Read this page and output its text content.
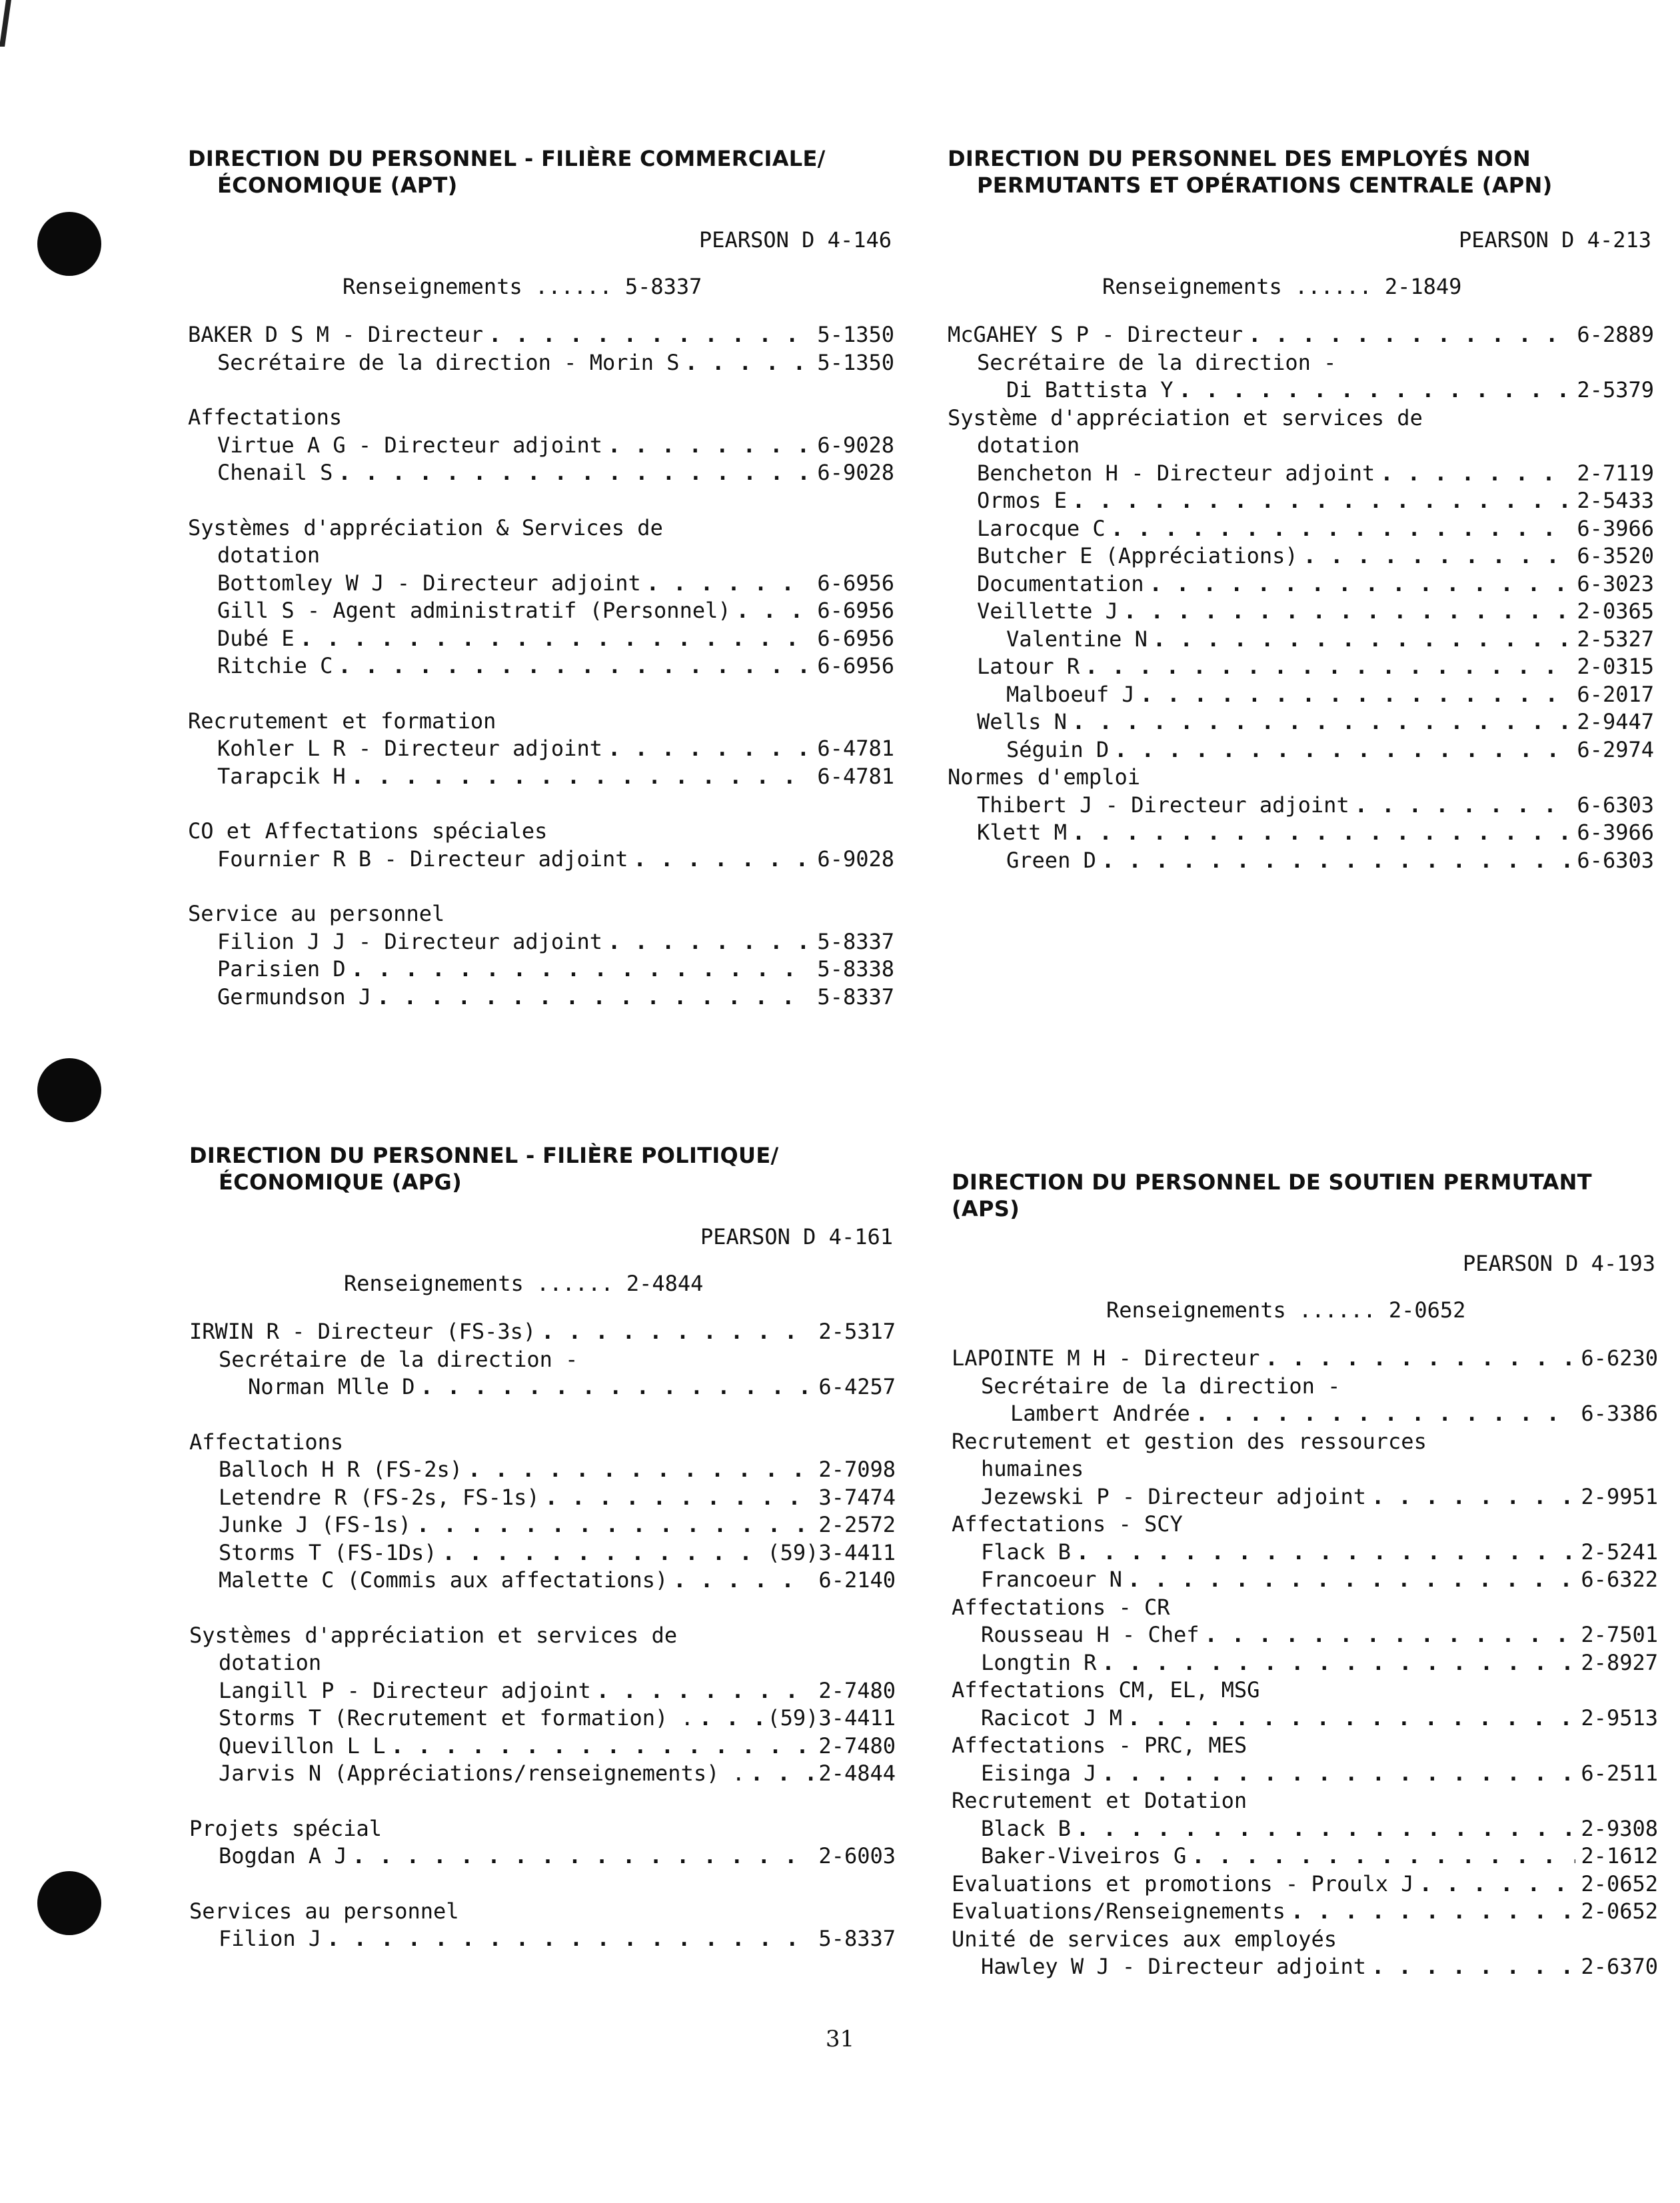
DIRECTION DU PERSONNEL - FILIÈRE COMMERCIALE/

ÉCONOMIQUE (APT)
PEARSON D 4-146
Renseignements ...... 5-8337
BAKER D S M - Directeur . . .	5-1350
Secrétaire de la direction - Morin S . . .	5-1350
Affectations
Virtue A G - Directeur adjoint . . .	6-9028
Chenail S . . .	6-9028
Systèmes d'appréciation & Services de
dotation
Bottomley W J - Directeur adjoint . . .	6-6956
Gill S - Agent administratif (Personnel) . . .	6-6956
Dubé E . . .	6-6956
Ritchie C . . .	6-6956
Recrutement et formation
Kohler L R - Directeur adjoint . . .	6-4781
Tarapcik H . . .	6-4781
CO et Affectations spéciales
Fournier R B - Directeur adjoint . . .	6-9028
Service au personnel
Filion J J - Directeur adjoint . . .	5-8337
Parisien D . . .	5-8338
Germundson J . . .	5-8337
DIRECTION DU PERSONNEL DES EMPLOYÉS NON

PERMUTANTS ET OPÉRATIONS CENTRALE (APN)
PEARSON D 4-213
Renseignements ...... 2-1849
McGAHEY S P - Directeur . . .	6-2889
Secrétaire de la direction -
Di Battista Y . . .	2-5379
Système d'appréciation et services de
dotation
Bencheton H - Directeur adjoint . . .	2-7119
Ormos E . . .	2-5433
Larocque C . . .	6-3966
Butcher E (Appréciations) . . .	6-3520
Documentation . . .	6-3023
Veillette J . . .	2-0365
Valentine N . . .	2-5327
Latour R . . .	2-0315
Malboeuf J . . .	6-2017
Wells N . . .	2-9447
Séguin D . . .	6-2974
Normes d'emploi
Thibert J - Directeur adjoint . . .	6-6303
Klett M . . .	6-3966
Green D . . .	6-6303
DIRECTION DU PERSONNEL - FILIÈRE POLITIQUE/

ÉCONOMIQUE (APG)
PEARSON D 4-161
Renseignements ...... 2-4844
IRWIN R - Directeur (FS-3s) . . .	2-5317
Secrétaire de la direction -
Norman Mlle D . . .	6-4257
Affectations
Balloch H R (FS-2s) . . .	2-7098
Letendre R (FS-2s, FS-1s) . . .	3-7474
Junke J (FS-1s) . . .	2-2572
Storms T (FS-1Ds) . . .	(59)3-4411
Malette C (Commis aux affectations) . . .	6-2140
Systèmes d'appréciation et services de
dotation
Langill P - Directeur adjoint . . .	2-7480
Storms T (Recrutement et formation) . . . .	(59)3-4411
Quevillon L L . . .	2-7480
Jarvis N (Appréciations/renseignements) . . . .	2-4844
Projets spécial
Bogdan A J . . .	2-6003
Services au personnel
Filion J . . .	5-8337
DIRECTION DU PERSONNEL DE SOUTIEN PERMUTANT (APS)
PEARSON D 4-193
Renseignements ...... 2-0652
LAPOINTE M H - Directeur . . .	6-6230
Secrétaire de la direction -
Lambert Andrée . . .	6-3386
Recrutement et gestion des ressources
humaines
Jezewski P - Directeur adjoint . . .	2-9951
Affectations - SCY
Flack B . . .	2-5241
Francoeur N . . .	6-6322
Affectations - CR
Rousseau H - Chef . . .	2-7501
Longtin R . . .	2-8927
Affectations CM, EL, MSG
Racicot J M . . .	2-9513
Affectations - PRC, MES
Eisinga J . . .	6-2511
Recrutement et Dotation
Black B . . .	2-9308
Baker-Viveiros G . . .	2-1612
Evaluations et promotions - Proulx J . . .	2-0652
Evaluations/Renseignements . . .	2-0652
Unité de services aux employés
Hawley W J - Directeur adjoint . . .	2-6370
31
